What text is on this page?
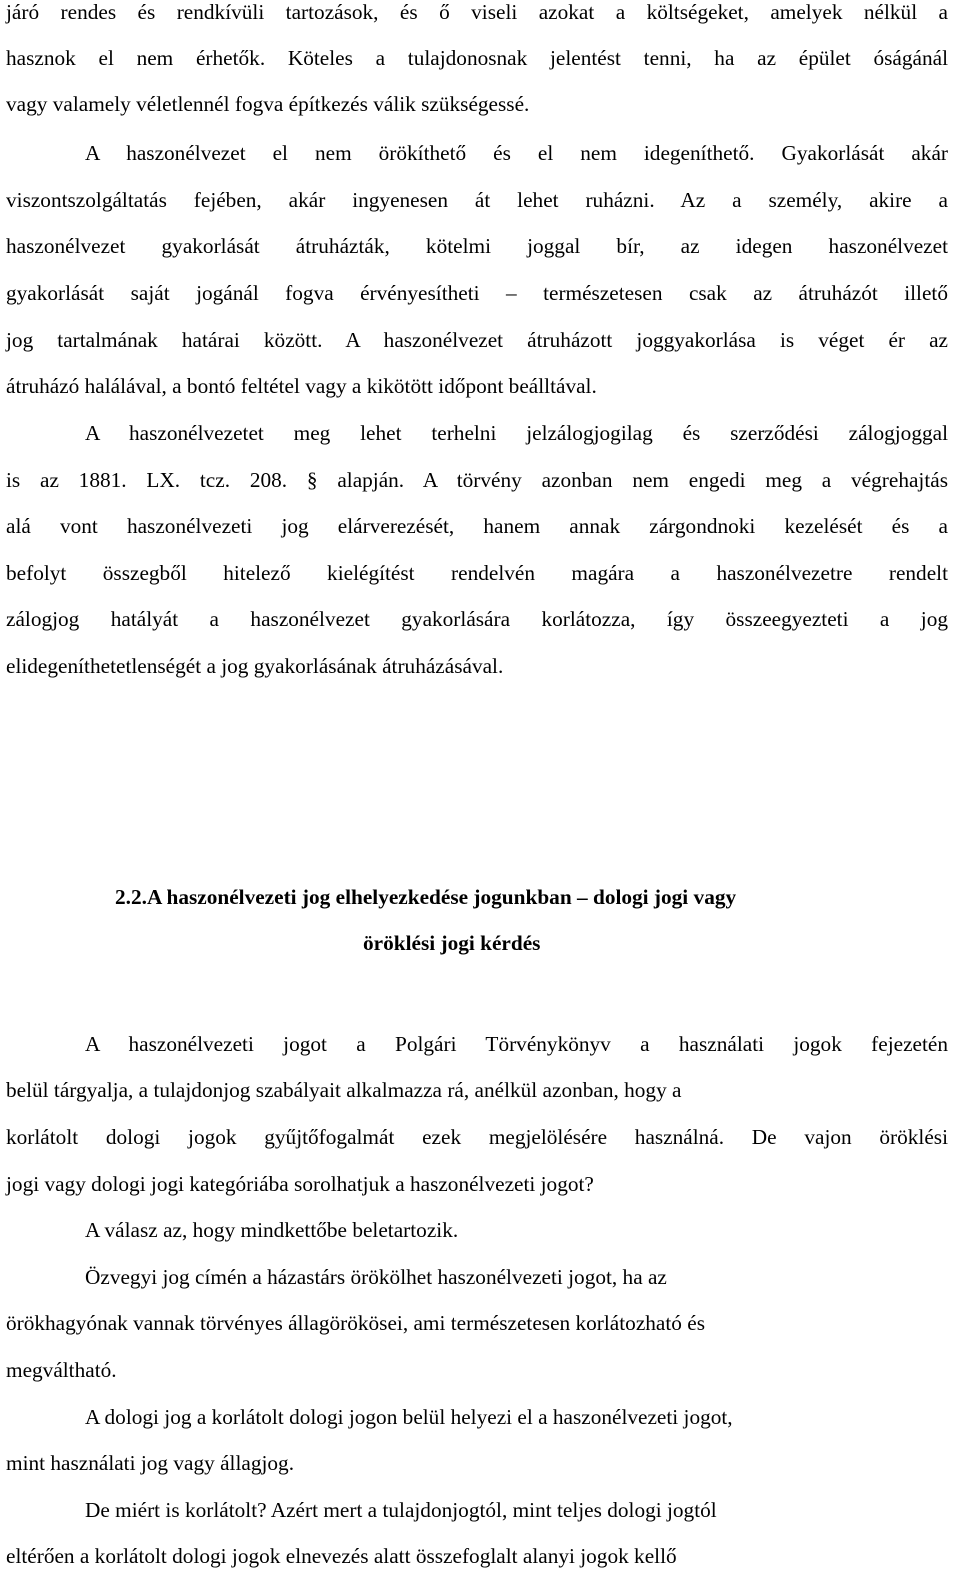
járó rendes és rendkívüli tartozások, és ő viseli azokat a költségeket, amelyek nélkül a
hasznok el nem érhetők. Köteles a tulajdonosnak jelentést tenni, ha az épület óságánál
vagy valamely véletlennél fogva építkezés válik szükségessé.
A haszonélvezet el nem örökíthető és el nem idegeníthető. Gyakorlását akár
viszontszolgáltatás fejében, akár ingyenesen át lehet ruházni. Az a személy, akire a
haszonélvezet gyakorlását átruházták, kötelmi joggal bír, az idegen haszonélvezet
gyakorlását saját jogánál fogva érvényesítheti – természetesen csak az átruházót illető
jog tartalmának határai között. A haszonélvezet átruházott joggyakorlása is véget ér az
átruházó halálával, a bontó feltétel vagy a kikötött időpont beálltával.
A haszonélvezetet meg lehet terhelni jelzálogjogilag és szerződési zálogjoggal
is az 1881. LX. tcz. 208. § alapján. A törvény azonban nem engedi meg a végrehajtás
alá vont haszonélvezeti jog elárverezését, hanem annak zárgondnoki kezelését és a
befolyt összegből hitelező kielégítést rendelvén magára a haszonélvezetre rendelt
zálogjog hatályát a haszonélvezet gyakorlására korlátozza, így összeegyezteti a jog
elidegeníthetetlenségét a jog gyakorlásának átruházásával.
2.2.A haszonélvezeti jog elhelyezkedése jogunkban – dologi jogi vagy
öröklési jogi kérdés
A haszonélvezeti jogot a Polgári Törvénykönyv a használati jogok fejezetén
belül tárgyalja, a tulajdonjog szabályait alkalmazza rá, anélkül azonban, hogy a
korlátolt dologi jogok gyűjtőfogalmát ezek megjelölésére használná. De vajon öröklési
jogi vagy dologi jogi kategóriába sorolhatjuk a haszonélvezeti jogot?
A válasz az, hogy mindkettőbe beletartozik.
Özvegyi jog címén a házastárs örökölhet haszonélvezeti jogot, ha az
örökhagyónak vannak törvényes állagörökösei, ami természetesen korlátozható és
megváltható.
A dologi jog a korlátolt dologi jogon belül helyezi el a haszonélvezeti jogot,
mint használati jog vagy állagjog.
De miért is korlátolt? Azért mert a tulajdonjogtól, mint teljes dologi jogtól
eltérően a korlátolt dologi jogok elnevezés alatt összefoglalt alanyi jogok kellő
